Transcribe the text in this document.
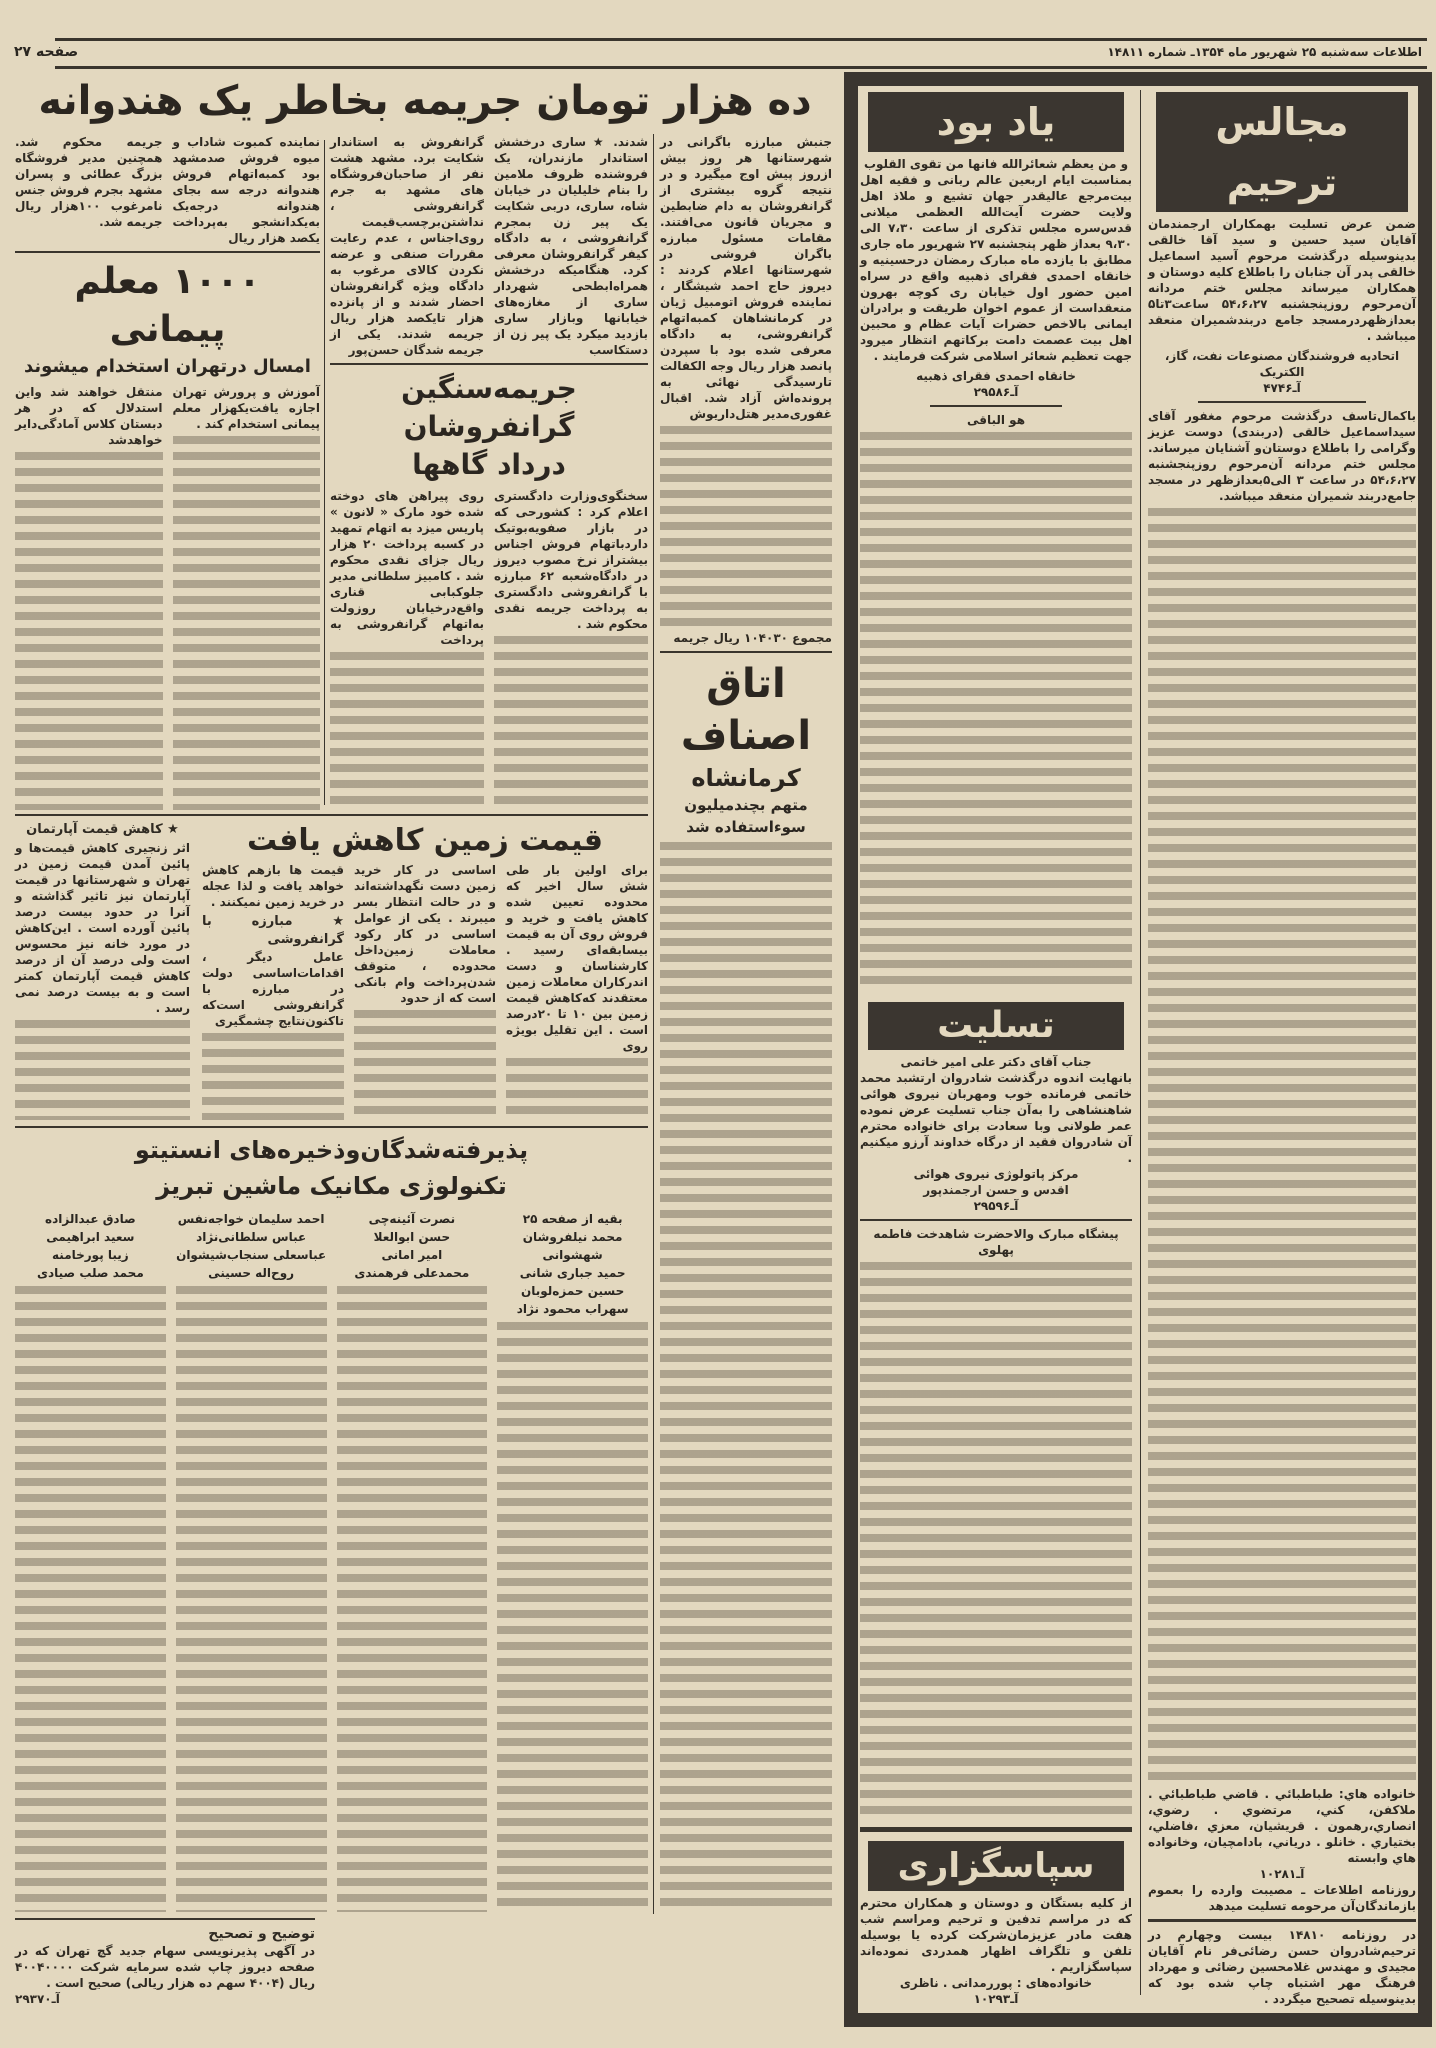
اطلاعات سه‌شنبه ۲۵ شهریور ماه ۱۳۵۴ـ شماره ۱۴۸۱۱
صفحه ۲۷
ده هزار تومان جریمه بخاطر یک هندوانه
نماینده کمبوت شاداب و میوه فروش صدمشهد بود کمبه‌اتهام فروش هندوانه درجه سه بجای هندوانه درجه‌یک به‌یکدانشجو به‌پرداخت یکصد هزار ریال
جریمه محکوم شد. همچنین مدیر فروشگاه بزرگ عطائی و پسران مشهد بجرم فروش جنس نامرغوب ۱۰۰هزار ریال جریمه شد.
۱۰۰۰ معلم پیمانی
امسال درتهران استخدام میشوند
آموزش و پرورش تهران اجازه یافت‌یکهزار معلم پیمانی استخدام کند .
منتقل خواهند شد واین استدلال که در هر دبستان کلاس آمادگی‌دایر خواهدشد
شدند. ★ ساری درخشش استاندار مازندران، یک فروشنده ظروف ملامین را بنام خلیلیان در خیابان شاه، ساری، دربی شکایت یک پیر زن بمجرم گرانفروشی ، به دادگاه کیفر گرانفروشان معرفی کرد. هنگامیکه درخشش همراه‌ابطحی شهردار ساری از مغازه‌های خیابانها وبازار ساری بازدید میکرد یک پیر زن از دستکاسب
گرانفروش به استاندار شکایت برد. مشهد هشت نفر از صاحبان‌فروشگاه های مشهد به جرم گرانفروشی ، نداشتن‌برچسب‌قیمت روی‌اجناس ، عدم رعایت مقررات‌ صنفی و عرضه نکردن کالای مرغوب به دادگاه ویژه گرانفروشان احضار شدند و از پانزده هزار تایکصد هزار ریال جریمه شدند. یکی از جریمه شدگان حسن‌پور
جریمه‌سنگین گرانفروشان
درداد گاهها
سخنگوی‌وزارت دادگستری اعلام کرد : کشورحی که در بازار صفویه‌بوتیک داردباتهام فروش اجناس بیشتراز نرخ مصوب دیروز در دادگاه‌شعبه ۶۲ مبارزه با گرانفروشی دادگستری به پرداخت جریمه نقدی محکوم شد .
روی پیراهن های دوخته شده خود مارک « لانون » پاریس میزد به اتهام تمهید در کسبه پرداخت ۲۰ هزار ریال جزای نقدی محکوم شد . کامبیز سلطانی مدیر جلوکبابی قناری واقع‌درخیابان روزولت به‌اتهام گرانفروشی به پرداخت
جنبش مبارزه باگرانی در شهرستانها هر روز بیش ازروز پیش اوج میگیرد و در نتیجه گروه بیشتری از گرانفروشان به دام ضابطین و مجریان قانون می‌افتند. مقامات مسئول مبارزه باگران فروشی در شهرستانها اعلام کردند : دیروز حاج احمد شیشگار ، نماینده فروش اتومبیل ژیان در کرمانشاهان کمبه‌اتهام گرانفروشی، به دادگاه معرفی شده بود با سپردن پانصد هزار ریال وجه الکفالت تارسیدگی نهائی به پرونده‌اش آزاد شد. اقبال غفوری‌مدیر هتل‌داریوش
مجموع ۱۰۴۰۳۰ ریال جریمه
اتاق
اصناف
کرمانشاه
متهم بچندمیلیون سوءاستفاده شد
قیمت زمین کاهش یافت
برای اولین بار طی شش سال اخیر که محدوده تعیین شده کاهش یافت و خرید و فروش روی آن به قیمت بیسابقه‌ای رسید . کارشناسان و دست اندرکاران معاملات زمین معتقدند که‌کاهش قیمت زمین بین ۱۰ تا ۲۰درصد است . این تقلیل بویژه روی
اساسی در کار خرید زمین دست نگهداشته‌اند و در حالت انتظار بسر میبرند . یکی از عوامل اساسی در کار رکود معاملات زمین‌داخل محدوده ، متوقف شدن‌پرداخت وام بانکی است که از حدود
قیمت ها بازهم کاهش خواهد یافت و لذا عجله در خرید زمین نمیکنند .
★ مبارزه با گرانفروشی
عامل دیگر ، اقدامات‌اساسی دولت در مبارزه با گرانفروشی است‌که تاکنون‌نتایج چشمگیری
★ کاهش قیمت آپارتمان
اثر زنجیری کاهش قیمت‌ها و پائین آمدن قیمت زمین در تهران و شهرستانها در قیمت آپارتمان نیز تاثیر گذاشته و آنرا در حدود بیست درصد پائین آورده است . این‌کاهش در مورد خانه نیز محسوس است ولی درصد آن از درصد کاهش قیمت آپارتمان کمتر است و به بیست درصد نمی رسد .
پذیرفته‌شدگان‌وذخیره‌های انستیتو
تکنولوژی مکانیک ماشین تبریز
بقیه از صفحه ۲۵
محمد نیلفروشان شهشوانی
حمید جباری شانی
حسین حمزه‌لوبان
سهراب محمود نژاد
نصرت آئینه‌چی
حسن ابوالعلا
امیر امانی
محمدعلی فرهمندی
احمد سلیمان خواجه‌نفس
عباس سلطانی‌نژاد
عباسعلی سنجاب‌شیشوان
روح‌اله حسینی
صادق عبدالزاده
سعید ابراهیمی
زیبا پورخامنه
محمد صلب صیادی
توضیح و تصحیح
در آگهی پذیرنویسی سهام جدید گچ تهران که در صفحه دیروز چاپ شده سرمایه شرکت ۴۰۰۴۰۰۰۰ ریال (۴۰۰۴ سهم ده هزار ریالی) صحیح است .
آـ۲۹۳۷۰
مجالس ترحیم
ضمن عرض تسلیت بهمکاران ارجمندمان آقایان سید حسین و سید آقا خالقی بدینوسیله درگذشت مرحوم آسید اسماعیل خالقی پدر آن جنابان را باطلاع کلیه دوستان و همکاران میرساند مجلس ختم مردانه آن‌مرحوم روزپنجشنبه ۵۴،۶،۲۷ ساعت۳تا۵ بعدازظهردرمسجد جامع دربندشمیران منعقد میباشد .
اتحادیه فروشندگان مصنوعات نفت، گاز، الکتریک
آـ۴۷۴۶
باکمال‌تاسف درگذشت مرحوم مغفور آقای سیداسماعیل خالقی (دربندی) دوست عزیز وگرامی را باطلاع دوستان‌و آشنایان میرساند. مجلس ختم مردانه آن‌مرحوم روزپنجشنبه ۵۴،۶،۲۷ در ساعت ۳ الی۵بعدازظهر در مسجد جامع‌دربند شمیران منعقد میباشد.
خانواده هاي: طباطبائي . قاضي طباطبائي . ملاكفن، كني، مرتضوي . رضوي، انصاري،رهمون . قريشيان، معزي ،فاضلي، بختياري . خانلو . درياني، بادامچيان، وخانواده هاي وابسته
آـ۱۰۲۸۱
روزنامه اطلاعات ـ مصيبت وارده را بعموم بازماندگان‌آن مرحومه تسليت ميدهد
در روزنامه ۱۴۸۱۰ بیست وچهارم در ترحیم‌شادروان حسن رضائی‌فر نام آقایان مجیدی و مهندس غلامحسین رضائی و مهرداد فرهنگ مهر اشتباه چاپ شده بود که بدینوسیله تصحیح میگردد .
یاد بود
و من یعظم شعائرالله فانها من تقوی القلوب
بمناسبت ایام اربعین عالم ربانی و فقیه اهل بیت‌مرجع عالیقدر جهان تشیع و ملاذ اهل ولایت حضرت آیت‌الله العظمی میلانی قدس‌سره مجلس تذکری از ساعت ۷،۳۰ الی ۹،۳۰ بعداز ظهر پنجشنبه ۲۷ شهریور ماه جاری مطابق با یازده ماه مبارک رمضان درحسینیه و خانقاه احمدی فقرای ذهبیه واقع در سراه امین حضور اول خیابان ری کوچه بهرون منعقداست از عموم اخوان طریقت و برادران ایمانی بالاخص حضرات آیات عظام و محبین اهل بیت عصمت دامت برکاتهم انتظار میرود جهت تعظیم شعائر اسلامی شرکت فرمایند .
خانقاه احمدی فقرای ذهبیه
آـ۲۹۵۸۶
هو الباقی
تسلیت
جناب آقای دکتر علی امیر خاتمی
بانهایت اندوه درگذشت شادروان ارتشبد محمد خاتمی فرمانده خوب ومهربان نیروی هوائی شاهنشاهی را به‌آن جناب تسلیت عرض نموده عمر طولانی وبا سعادت برای خانواده محترم آن شادروان فقید از درگاه خداوند آرزو میکنیم .
مرکز پاتولوژی نیروی هوائی
اقدس و حسن ارجمندپور
آـ۲۹۵۹۶
پیشگاه مبارک والاحضرت شاهدخت فاطمه پهلوی
سپاسگزاری
از کلیه بستگان و دوستان و همکاران محترم که در مراسم تدفین و ترحیم ومراسم شب هفت مادر عزیزمان‌شرکت کرده یا بوسیله تلفن و تلگراف اظهار همدردی نموده‌اند سپاسگزاریم .
خانواده‌های : پوررمدانی . ناظری
آـ۱۰۲۹۳
